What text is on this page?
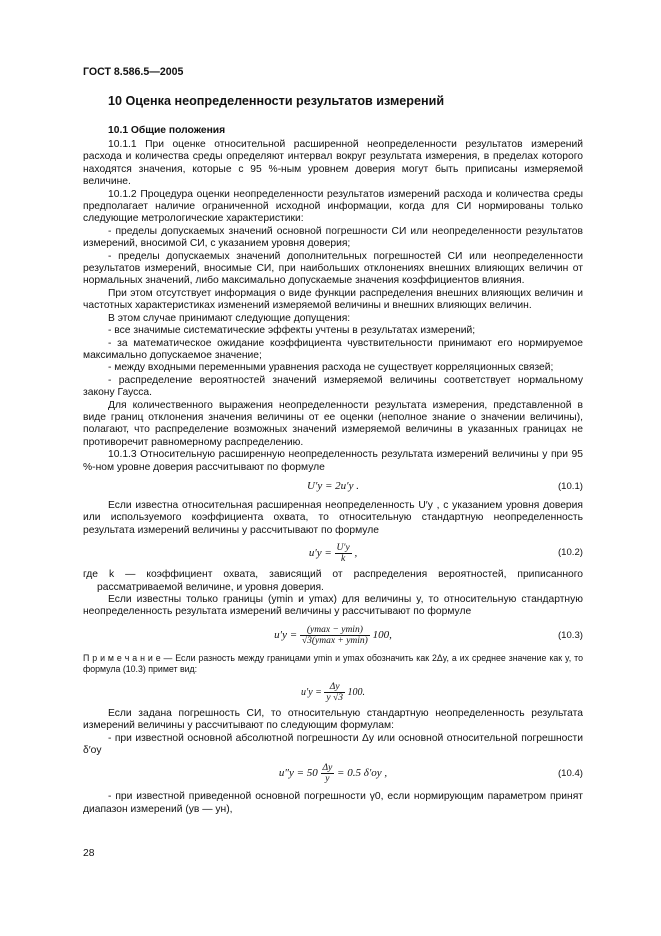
ГОСТ 8.586.5—2005
10 Оценка неопределенности результатов измерений
10.1 Общие положения

10.1.1 При оценке относительной расширенной неопределенности результатов измерений расхода и количества среды определяют интервал вокруг результата измерения, в пределах которого находятся значения, которые с 95 %-ным уровнем доверия могут быть приписаны измеряемой величине.

10.1.2 Процедура оценки неопределенности результатов измерений расхода и количества среды предполагает наличие ограниченной исходной информации, когда для СИ нормированы только следующие метрологические характеристики:

- пределы допускаемых значений основной погрешности СИ или неопределенности результатов измерений, вносимой СИ, с указанием уровня доверия;

- пределы допускаемых значений дополнительных погрешностей СИ или неопределенности результатов измерений, вносимые СИ, при наибольших отклонениях внешних влияющих величин от нормальных значений, либо максимально допускаемые значения коэффициентов влияния.

При этом отсутствует информация о виде функции распределения внешних влияющих величин и частотных характеристиках изменений измеряемой величины и внешних влияющих величин.

В этом случае принимают следующие допущения:

- все значимые систематические эффекты учтены в результатах измерений;

- за математическое ожидание коэффициента чувствительности принимают его нормируемое максимально допускаемое значение;

- между входными переменными уравнения расхода не существует корреляционных связей;

- распределение вероятностей значений измеряемой величины соответствует нормальному закону Гаусса.

Для количественного выражения неопределенности результата измерения, представленной в виде границ отклонения значения величины от ее оценки (неполное знание о значении величины), полагают, что распределение возможных значений измеряемой величины в указанных границах не противоречит равномерному распределению.

10.1.3 Относительную расширенную неопределенность результата измерений величины y при 95 %-ном уровне доверия рассчитывают по формуле

U′y = 2u′y .	(10.1)

Если известна относительная расширенная неопределенность U′y , с указанием уровня доверия или используемого коэффициента охвата, то относительную стандартную неопределенность результата измерений величины y рассчитывают по формуле

$u'y = \frac{U'y}{k}$ ,	(10.2)

где k — коэффициент охвата, зависящий от распределения вероятностей, приписанного рассматриваемой величине, и уровня доверия.

Если известны только границы (ymin и ymax) для величины y, то относительную стандартную неопределенность результата измерений величины y рассчитывают по формуле

$u'y = \frac{(ymax - ymin)}{√3(ymax + ymin)} 100$,	(10.3)

П р и м е ч а н и е — Если разность между границами ymin и ymax обозначить как 2Δy, а их среднее значение как y, то формула (10.3) примет вид:

$u'y = \frac{\Delta y}{y √3} 100$.

Если задана погрешность СИ, то относительную стандартную неопределенность результата измерений величины y рассчитывают по следующим формулам:

- при известной основной абсолютной погрешности Δy или основной относительной погрешности δ′oy

$u''y = 50 \frac{\Delta y}{y} = 0.5$ δ′oy ,	(10.4)

- при известной приведенной основной погрешности γ0, если нормирующим параметром принят диапазон измерений (yв — yн),

28
